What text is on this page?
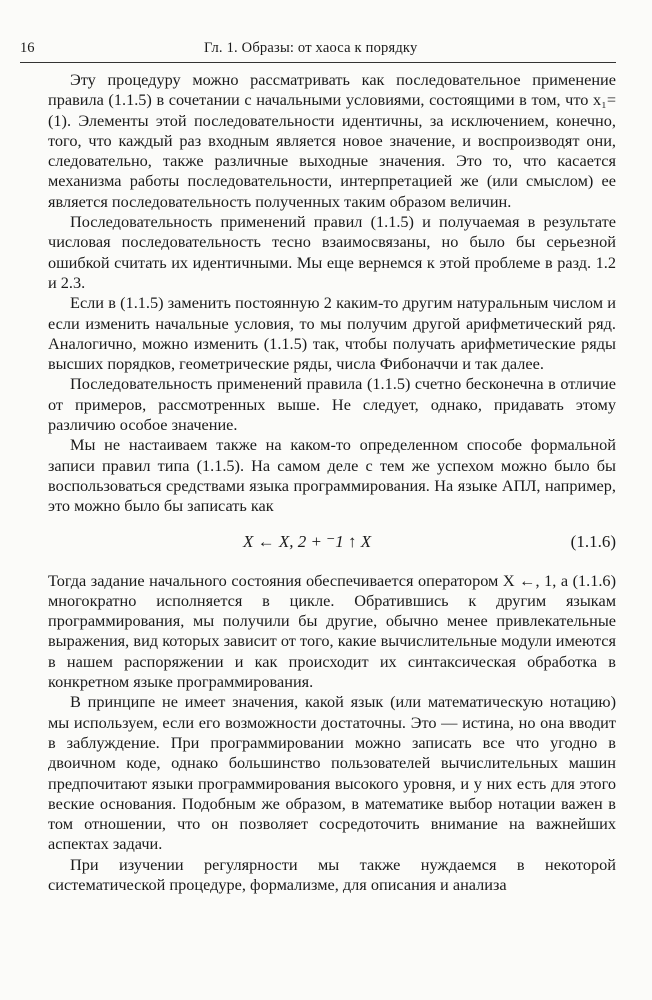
16	Гл. 1. Образы: от хаоса к порядку

Эту процедуру можно рассматривать как последовательное применение правила (1.1.5) в сочетании с начальными условиями, состоящими в том, что x₁=(1). Элементы этой последовательности идентичны, за исключением, конечно, того, что каждый раз входным является новое значение, и воспроизводят они, следовательно, также различные выходные значения. Это то, что касается механизма работы последовательности, интерпретацией же (или смыслом) ее является последовательность полученных таким образом величин.

Последовательность применений правил (1.1.5) и получаемая в результате числовая последовательность тесно взаимосвязаны, но было бы серьезной ошибкой считать их идентичными. Мы еще вернемся к этой проблеме в разд. 1.2 и 2.3.

Если в (1.1.5) заменить постоянную 2 каким-то другим натуральным числом и если изменить начальные условия, то мы получим другой арифметический ряд. Аналогично, можно изменить (1.1.5) так, чтобы получать арифметические ряды высших порядков, геометрические ряды, числа Фибоначчи и так далее.

Последовательность применений правила (1.1.5) счетно бесконечна в отличие от примеров, рассмотренных выше. Не следует, однако, придавать этому различию особое значение.

Мы не настаиваем также на каком-то определенном способе формальной записи правил типа (1.1.5). На самом деле с тем же успехом можно было бы воспользоваться средствами языка программирования. На языке АПЛ, например, это можно было бы записать как

X ← X, 2 + ⁻1 ↑ X	(1.1.6)

Тогда задание начального состояния обеспечивается оператором X ←, 1, а (1.1.6) многократно исполняется в цикле. Обратившись к другим языкам программирования, мы получили бы другие, обычно менее привлекательные выражения, вид которых зависит от того, какие вычислительные модули имеются в нашем распоряжении и как происходит их синтаксическая обработка в конкретном языке программирования.

В принципе не имеет значения, какой язык (или математическую нотацию) мы используем, если его возможности достаточны. Это — истина, но она вводит в заблуждение. При программировании можно записать все что угодно в двоичном коде, однако большинство пользователей вычислительных машин предпочитают языки программирования высокого уровня, и у них есть для этого веские основания. Подобным же образом, в математике выбор нотации важен в том отношении, что он позволяет сосредоточить внимание на важнейших аспектах задачи.

При изучении регулярности мы также нуждаемся в некоторой систематической процедуре, формализме, для описания и анализа
